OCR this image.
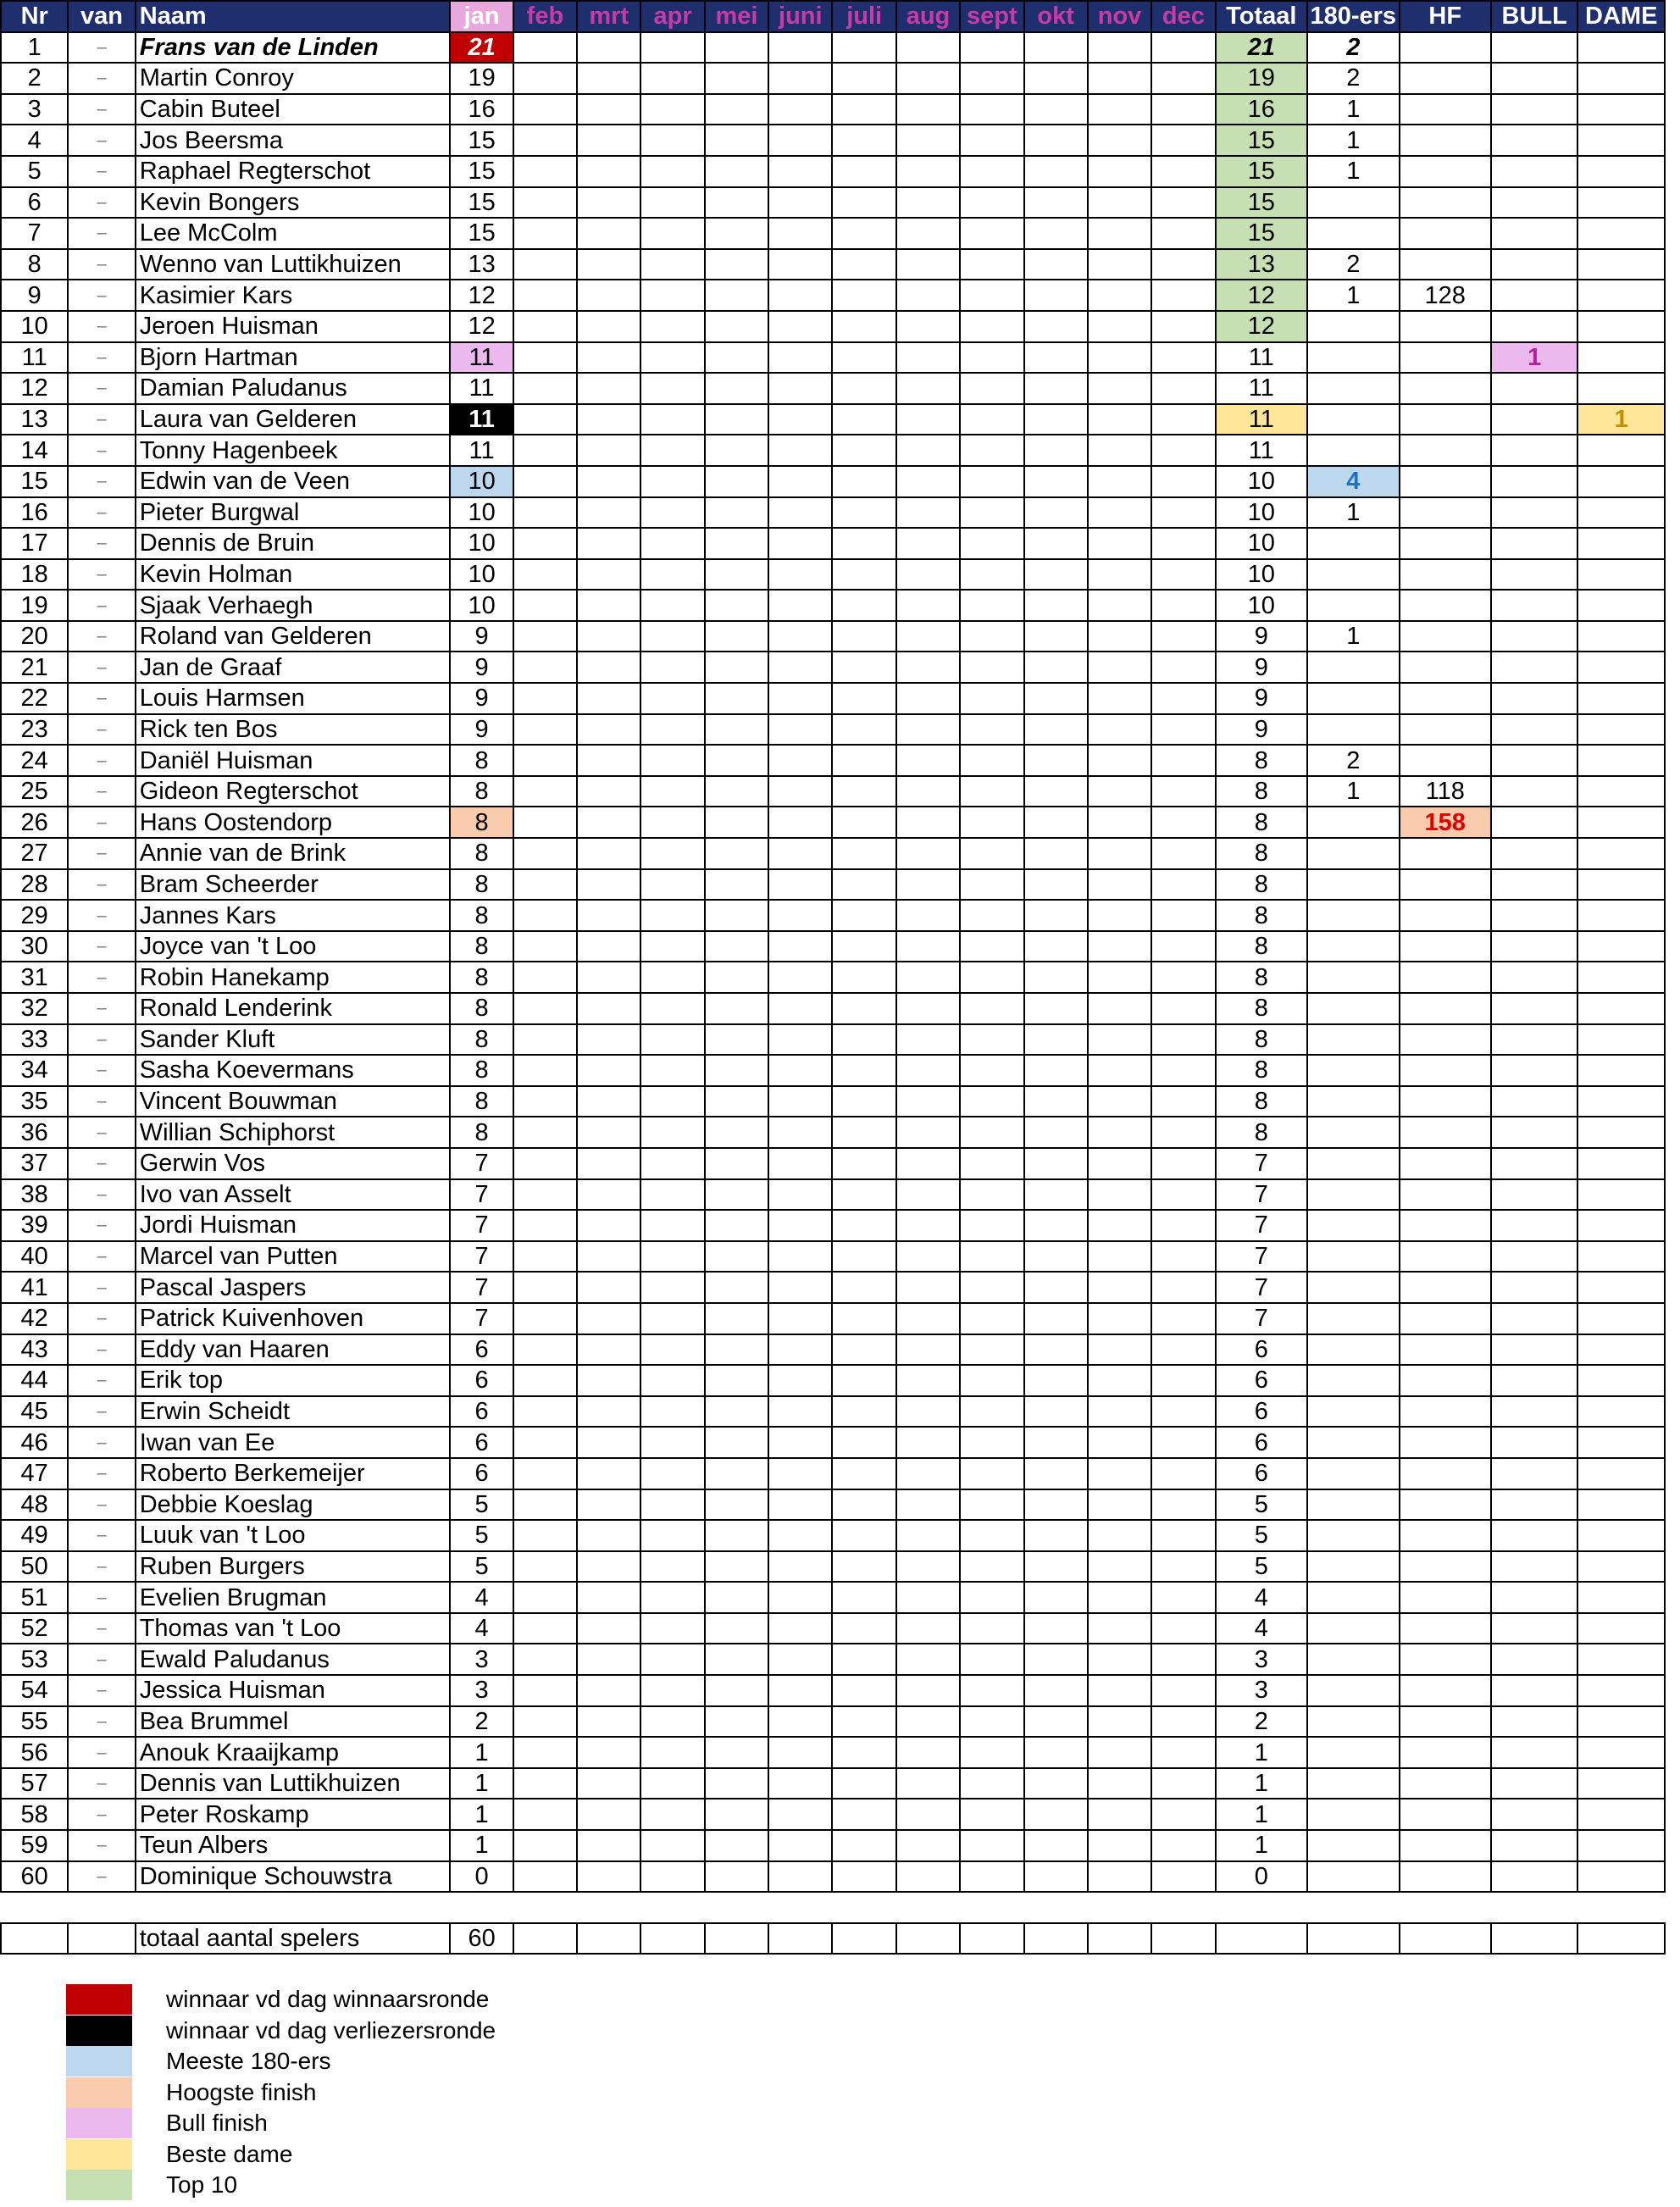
Nr	van	Naam	jan	feb	mrt	apr	mei	juni	juli	aug	sept	okt	nov	dec	Totaal	180-ers	HF	BULL	DAME
1	–	Frans van de Linden	21												21	2			
2	–	Martin Conroy	19												19	2			
3	–	Cabin Buteel	16												16	1			
4	–	Jos Beersma	15												15	1			
5	–	Raphael Regterschot	15												15	1			
6	–	Kevin Bongers	15												15				
7	–	Lee McColm	15												15				
8	–	Wenno van Luttikhuizen	13												13	2			
9	–	Kasimier Kars	12												12	1	128		
10	–	Jeroen Huisman	12												12				
11	–	Bjorn Hartman	11												11			1	
12	–	Damian Paludanus	11												11				
13	–	Laura van Gelderen	11												11				1
14	–	Tonny Hagenbeek	11												11				
15	–	Edwin van de Veen	10												10	4			
16	–	Pieter Burgwal	10												10	1			
17	–	Dennis de Bruin	10												10				
18	–	Kevin Holman	10												10				
19	–	Sjaak Verhaegh	10												10				
20	–	Roland van Gelderen	9												9	1			
21	–	Jan de Graaf	9												9				
22	–	Louis Harmsen	9												9				
23	–	Rick ten Bos	9												9				
24	–	Daniël Huisman	8												8	2			
25	–	Gideon Regterschot	8												8	1	118		
26	–	Hans Oostendorp	8												8		158		
27	–	Annie van de Brink	8												8				
28	–	Bram Scheerder	8												8				
29	–	Jannes Kars	8												8				
30	–	Joyce van 't Loo	8												8				
31	–	Robin Hanekamp	8												8				
32	–	Ronald Lenderink	8												8				
33	–	Sander Kluft	8												8				
34	–	Sasha Koevermans	8												8				
35	–	Vincent Bouwman	8												8				
36	–	Willian Schiphorst	8												8				
37	–	Gerwin Vos	7												7				
38	–	Ivo van Asselt	7												7				
39	–	Jordi Huisman	7												7				
40	–	Marcel van Putten	7												7				
41	–	Pascal Jaspers	7												7				
42	–	Patrick Kuivenhoven	7												7				
43	–	Eddy van Haaren	6												6				
44	–	Erik top	6												6				
45	–	Erwin Scheidt	6												6				
46	–	Iwan van Ee	6												6				
47	–	Roberto Berkemeijer	6												6				
48	–	Debbie Koeslag	5												5				
49	–	Luuk van 't Loo	5												5				
50	–	Ruben Burgers	5												5				
51	–	Evelien Brugman	4												4				
52	–	Thomas van 't Loo	4												4				
53	–	Ewald Paludanus	3												3				
54	–	Jessica Huisman	3												3				
55	–	Bea Brummel	2												2				
56	–	Anouk Kraaijkamp	1												1				
57	–	Dennis van Luttikhuizen	1												1				
58	–	Peter Roskamp	1												1				
59	–	Teun Albers	1												1				
60	–	Dominique Schouwstra	0												0				

		totaal aantal spelers	60																
winnaar vd dag winnaarsronde
winnaar vd dag verliezersronde
Meeste 180-ers
Hoogste finish
Bull finish
Beste dame
Top 10
